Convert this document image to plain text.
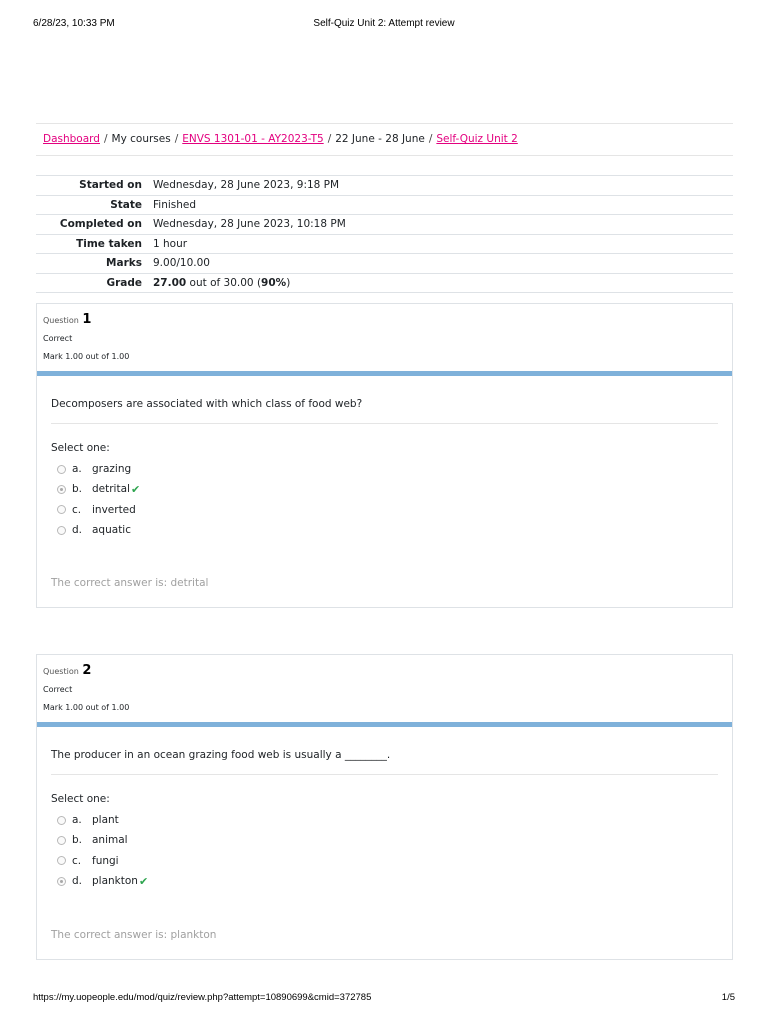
6/28/23, 10:33 PM	Self-Quiz Unit 2: Attempt review
Dashboard / My courses / ENVS 1301-01 - AY2023-T5 / 22 June - 28 June / Self-Quiz Unit 2
Started on	Wednesday, 28 June 2023, 9:18 PM
State	Finished
Completed on	Wednesday, 28 June 2023, 10:18 PM
Time taken	1 hour
Marks	9.00/10.00
Grade	27.00 out of 30.00 (90%)
Question 1
Correct
Mark 1.00 out of 1.00
Decomposers are associated with which class of food web?
Select one:
a. grazing
b. detrital ✔
c.	inverted
d. aquatic
The correct answer is: detrital
Question 2
Correct
Mark 1.00 out of 1.00
The producer in an ocean grazing food web is usually a ________.
Select one:
a. plant
b. animal
c.	fungi
d. plankton ✔
The correct answer is: plankton
https://my.uopeople.edu/mod/quiz/review.php?attempt=10890699&cmid=372785	1/5
